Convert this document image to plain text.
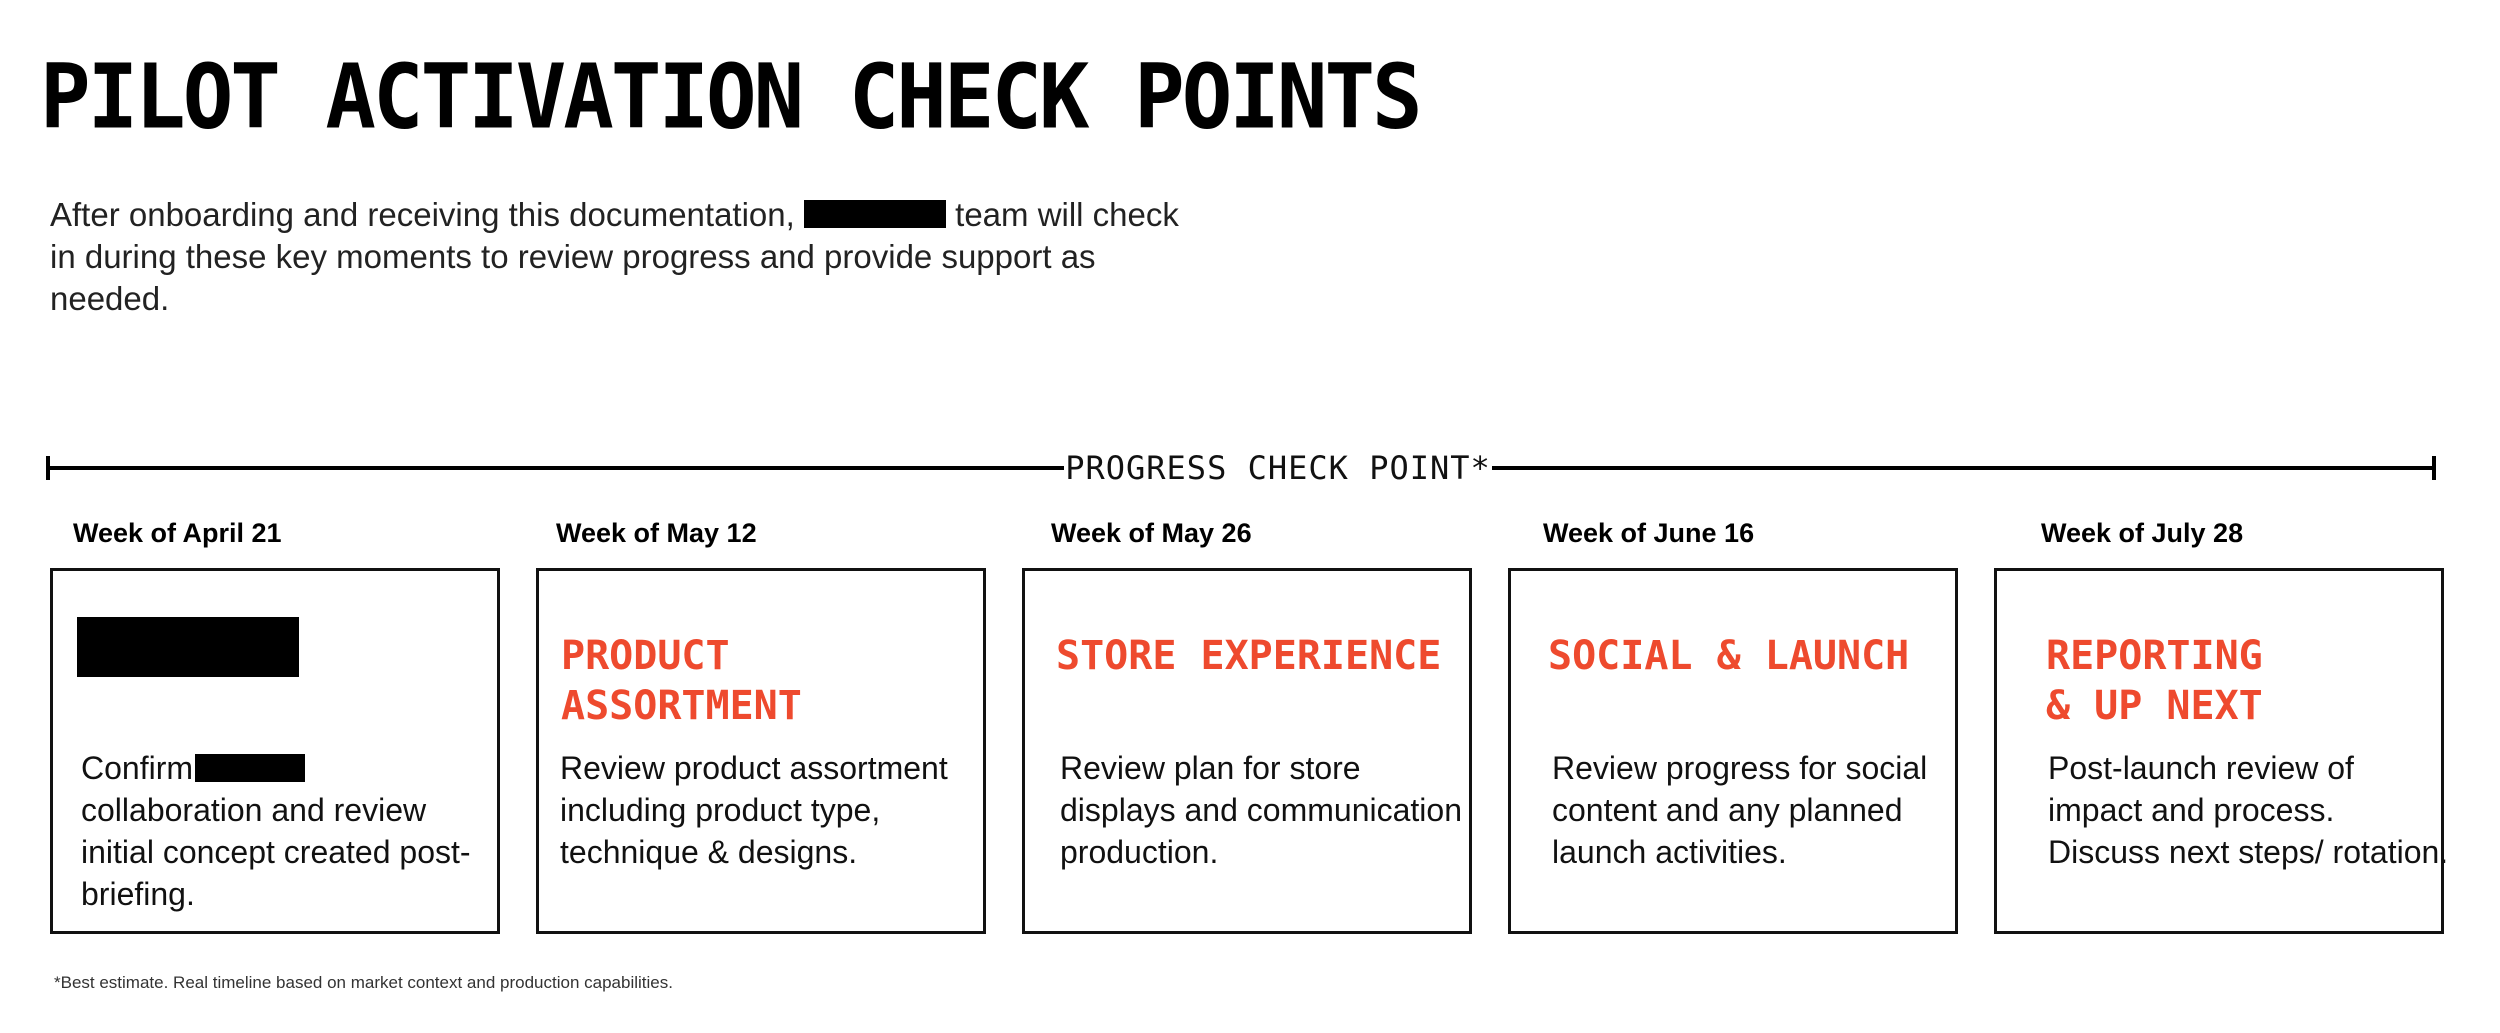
PILOT ACTIVATION CHECK POINTS

After onboarding and receiving this documentation,	team will check in during these key moments to review progress and provide support as needed.

PROGRESS CHECK POINT*
Week of April 21

Confirm collaboration and review initial concept created post-briefing.

Week of May 12
PRODUCT ASSORTMENT

Review product assortment including product type, technique & designs.

Week of May 26
STORE EXPERIENCE

Review plan for store displays and communication production.

Week of June 16
SOCIAL & LAUNCH

Review progress for social content and any planned launch activities.

Week of July 28
REPORTING
& UP NEXT

Post-launch review of impact and process. Discuss next steps/ rotation.

*Best estimate. Real timeline based on market context and production capabilities.
